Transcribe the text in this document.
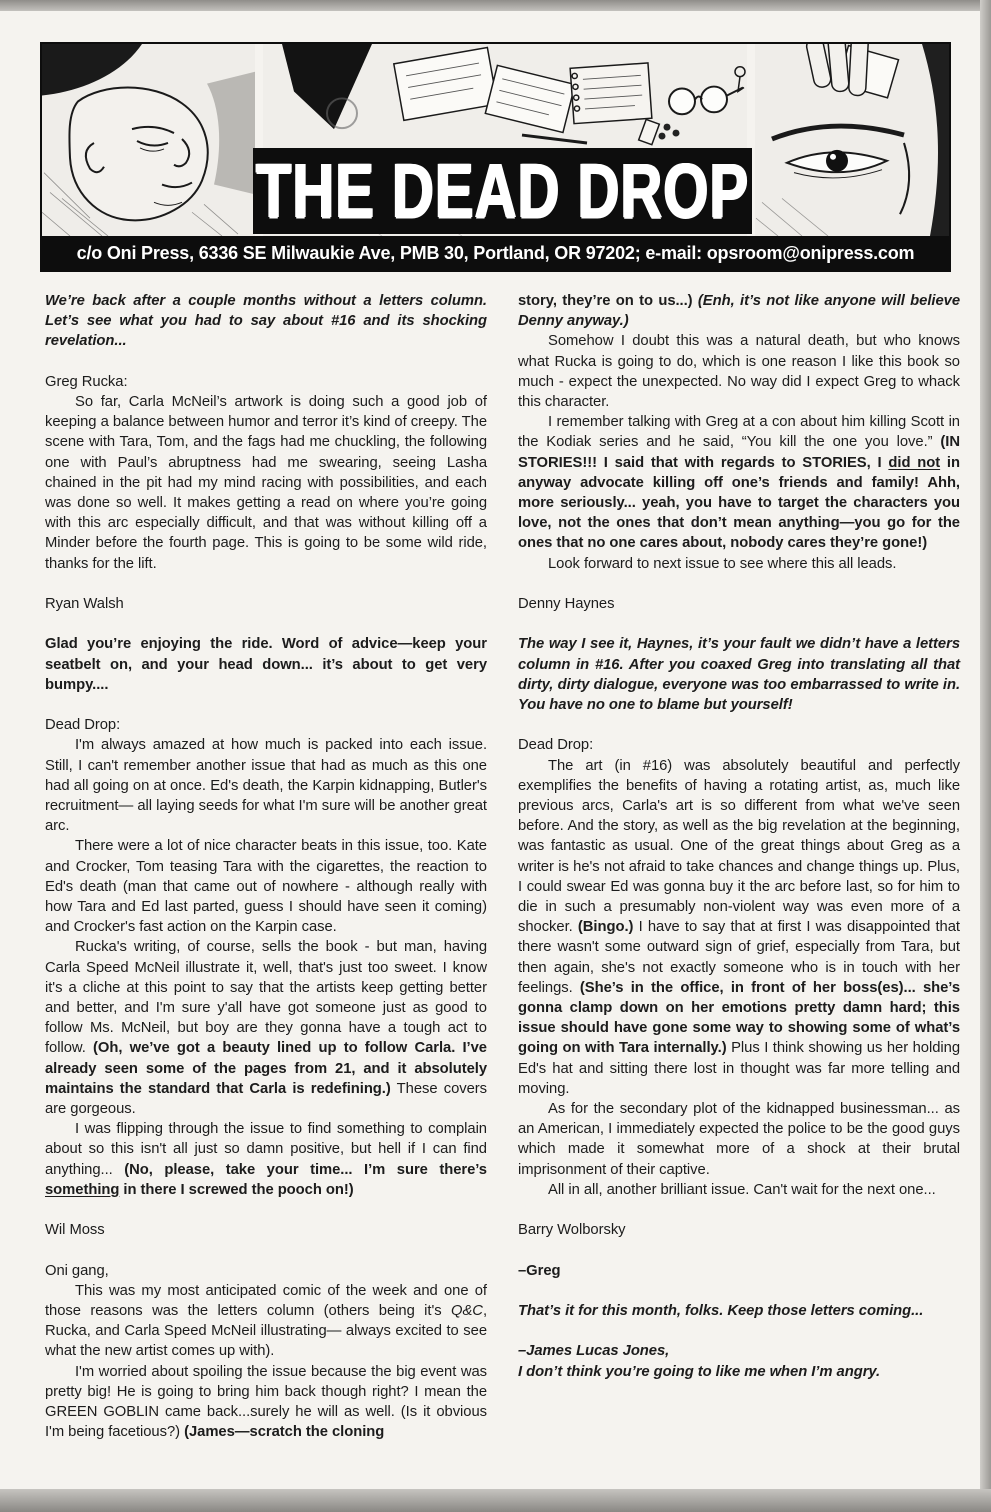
THE DEAD DROP
c/o Oni Press, 6336 SE Milwaukie Ave, PMB 30, Portland, OR 97202; e-mail: opsroom@onipress.com

We’re back after a couple months without a letters column. Let’s see what you had to say about #16 and its shocking revelation...

Greg Rucka:

So far, Carla McNeil’s artwork is doing such a good job of keeping a balance between humor and terror it’s kind of creepy. The scene with Tara, Tom, and the fags had me chuckling, the following one with Paul’s abruptness had me swearing, seeing Lasha chained in the pit had my mind racing with possibilities, and each was done so well. It makes getting a read on where you’re going with this arc especially difficult, and that was without killing off a Minder before the fourth page. This is going to be some wild ride, thanks for the lift.

Ryan Walsh

Glad you’re enjoying the ride. Word of advice—keep your seatbelt on, and your head down... it’s about to get very bumpy....

Dead Drop:

I'm always amazed at how much is packed into each issue. Still, I can't remember another issue that had as much as this one had all going on at once. Ed's death, the Karpin kidnapping, Butler's recruitment— all laying seeds for what I'm sure will be another great arc.

There were a lot of nice character beats in this issue, too. Kate and Crocker, Tom teasing Tara with the cigarettes, the reaction to Ed's death (man that came out of nowhere - although really with how Tara and Ed last parted, guess I should have seen it coming) and Crocker's fast action on the Karpin case.

Rucka's writing, of course, sells the book - but man, having Carla Speed McNeil illustrate it, well, that's just too sweet. I know it's a cliche at this point to say that the artists keep getting better and better, and I'm sure y'all have got someone just as good to follow Ms. McNeil, but boy are they gonna have a tough act to follow. (Oh, we’ve got a beauty lined up to follow Carla. I’ve already seen some of the pages from 21, and it absolutely maintains the standard that Carla is redefining.) These covers are gorgeous.

I was flipping through the issue to find something to complain about so this isn't all just so damn positive, but hell if I can find anything... (No, please, take your time... I’m sure there’s something in there I screwed the pooch on!)

Wil Moss

Oni gang,

This was my most anticipated comic of the week and one of those reasons was the letters column (others being it's Q&C, Rucka, and Carla Speed McNeil illustrating— always excited to see what the new artist comes up with).

I'm worried about spoiling the issue because the big event was pretty big! He is going to bring him back though right? I mean the GREEN GOBLIN came back...surely he will as well. (Is it obvious I'm being facetious?) (James—scratch the cloning

story, they’re on to us...) (Enh, it’s not like anyone will believe Denny anyway.)

Somehow I doubt this was a natural death, but who knows what Rucka is going to do, which is one reason I like this book so much - expect the unexpected. No way did I expect Greg to whack this character.

I remember talking with Greg at a con about him killing Scott in the Kodiak series and he said, “You kill the one you love.” (IN STORIES!!! I said that with regards to STORIES, I did not in anyway advocate killing off one’s friends and family! Ahh, more seriously... yeah, you have to target the characters you love, not the ones that don’t mean anything—you go for the ones that no one cares about, nobody cares they’re gone!)

Look forward to next issue to see where this all leads.

Denny Haynes

The way I see it, Haynes, it’s your fault we didn’t have a letters column in #16. After you coaxed Greg into translating all that dirty, dirty dialogue, everyone was too embarrassed to write in. You have no one to blame but yourself!

Dead Drop:

The art (in #16) was absolutely beautiful and perfectly exemplifies the benefits of having a rotating artist, as, much like previous arcs, Carla's art is so different from what we've seen before. And the story, as well as the big revelation at the beginning, was fantastic as usual. One of the great things about Greg as a writer is he's not afraid to take chances and change things up. Plus, I could swear Ed was gonna buy it the arc before last, so for him to die in such a presumably non-violent way was even more of a shocker. (Bingo.) I have to say that at first I was disappointed that there wasn't some outward sign of grief, especially from Tara, but then again, she's not exactly someone who is in touch with her feelings. (She’s in the office, in front of her boss(es)... she’s gonna clamp down on her emotions pretty damn hard; this issue should have gone some way to showing some of what’s going on with Tara internally.) Plus I think showing us her holding Ed's hat and sitting there lost in thought was far more telling and moving.

As for the secondary plot of the kidnapped businessman... as an American, I immediately expected the police to be the good guys which made it somewhat more of a shock at their brutal imprisonment of their captive.

All in all, another brilliant issue. Can't wait for the next one...

Barry Wolborsky

–Greg

That’s it for this month, folks. Keep those letters coming...

–James Lucas Jones,

I don’t think you’re going to like me when I’m angry.
